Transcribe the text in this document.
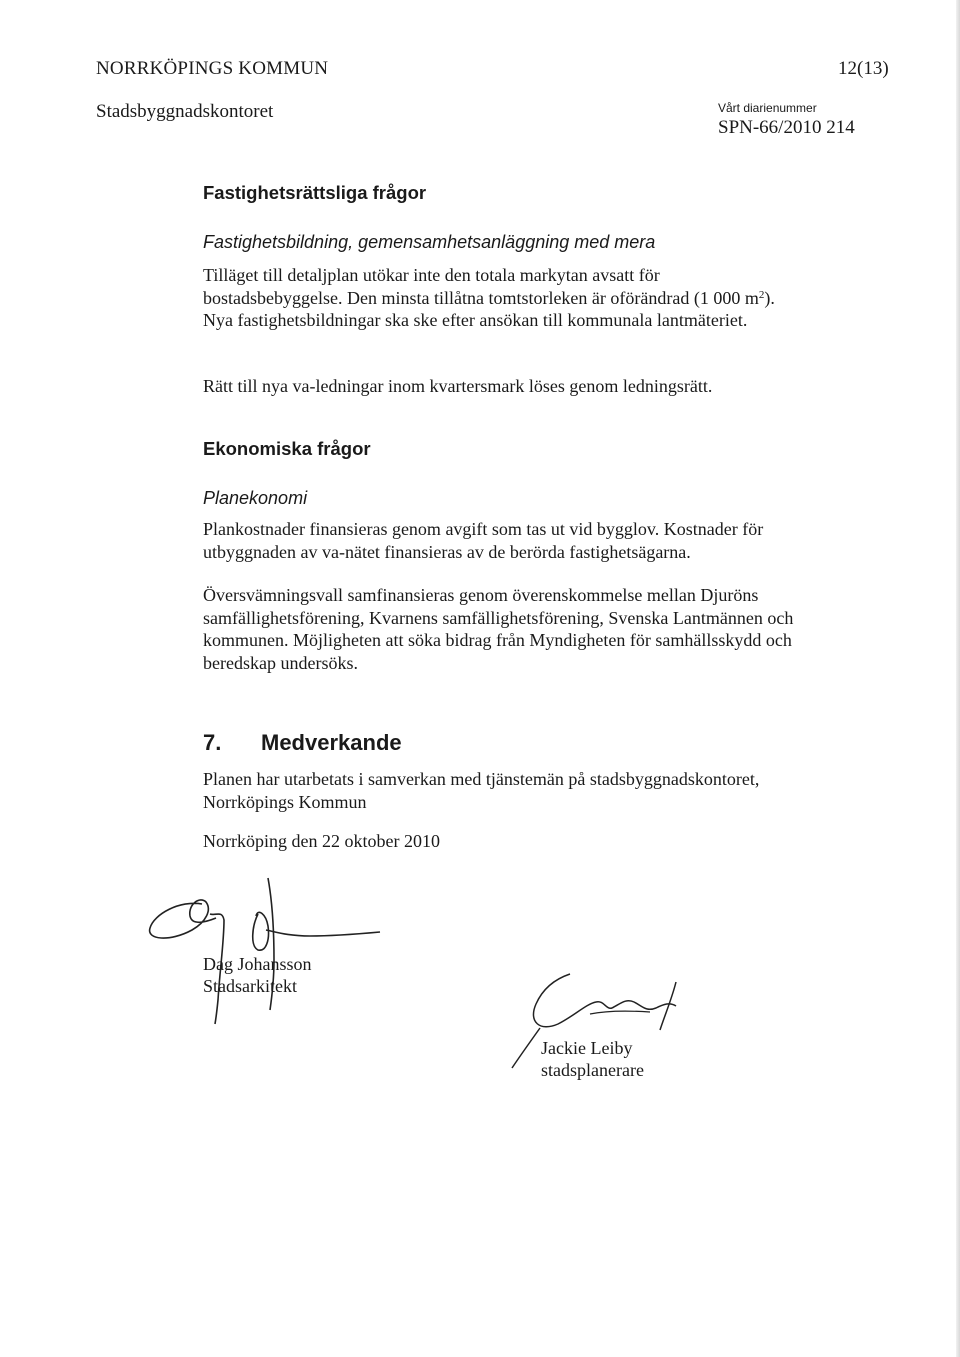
NORRKÖPINGS KOMMUN	12(13)
Stadsbyggnadskontoret	Vårt diarienummer
SPN-66/2010 214
Fastighetsrättsliga frågor
Fastighetsbildning, gemensamhetsanläggning med mera

Tilläget till detaljplan utökar inte den totala markytan avsatt för bostadsbebyggelse. Den minsta tillåtna tomtstorleken är oförändrad (1 000 $m^2$). Nya fastighetsbildningar ska ske efter ansökan till kommunala lantmäteriet.

Rätt till nya va-ledningar inom kvartersmark löses genom ledningsrätt.
Ekonomiska frågor
Planekonomi
Plankostnader finansieras genom avgift som tas ut vid bygglov. Kostnader för utbyggnaden av va-nätet finansieras av de berörda fastighetsägarna.
Översvämningsvall samfinansieras genom överenskommelse mellan Djuröns samfällighetsförening, Kvarnens samfällighetsförening, Svenska Lantmännen och kommunen. Möjligheten att söka bidrag från Myndigheten för samhällsskydd och beredskap undersöks.
7. Medverkande
Planen har utarbetats i samverkan med tjänstemän på stadsbyggnadskontoret, Norrköpings Kommun
Norrköping den 22 oktober 2010
Dag Johansson
Stadsarkitekt
Jackie Leiby
stadsplanerare
